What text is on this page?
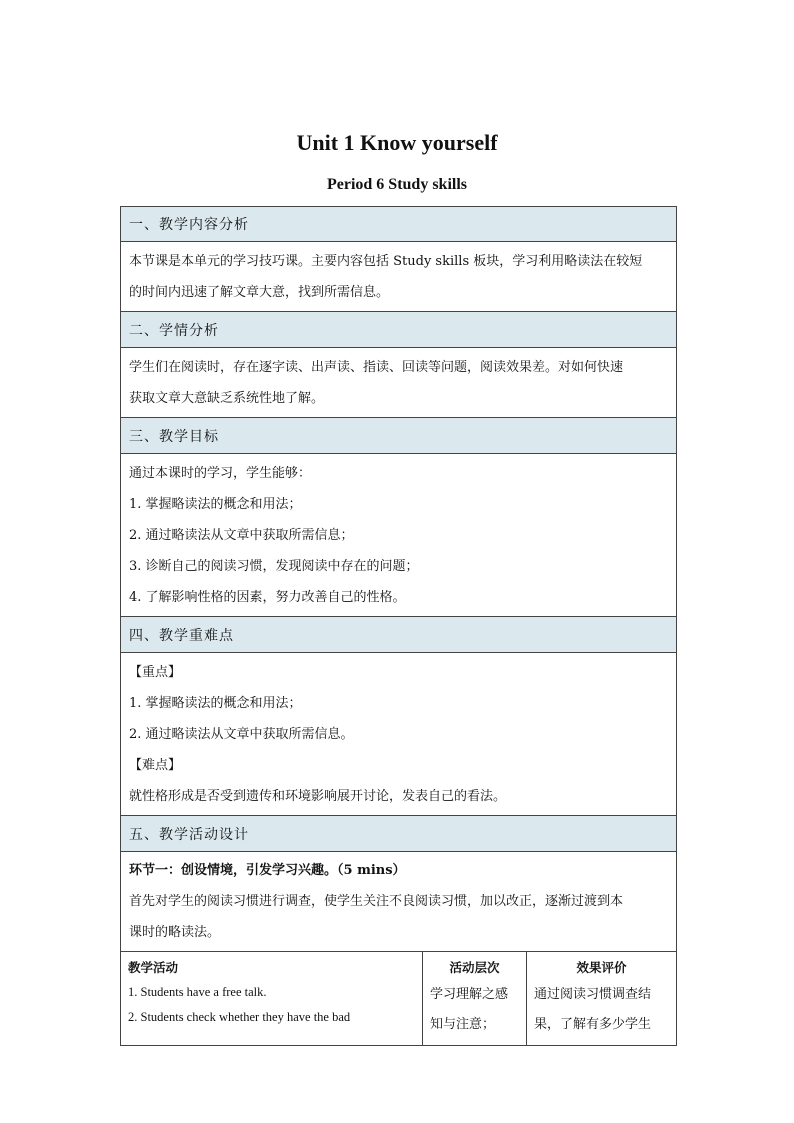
Unit 1 Know yourself
Period 6 Study skills
一、教学内容分析
本节课是本单元的学习技巧课。主要内容包括 Study skills 板块，学习利用略读法在较短
的时间内迅速了解文章大意，找到所需信息。
二、学情分析
学生们在阅读时，存在逐字读、出声读、指读、回读等问题，阅读效果差。对如何快速
获取文章大意缺乏系统性地了解。
三、教学目标
通过本课时的学习，学生能够：
1. 掌握略读法的概念和用法；
2. 通过略读法从文章中获取所需信息；
3. 诊断自己的阅读习惯，发现阅读中存在的问题；
4. 了解影响性格的因素，努力改善自己的性格。
四、教学重难点
【重点】
1. 掌握略读法的概念和用法；
2. 通过略读法从文章中获取所需信息。
【难点】
就性格形成是否受到遗传和环境影响展开讨论，发表自己的看法。
五、教学活动设计
环节一：创设情境，引发学习兴趣。（5 mins）
首先对学生的阅读习惯进行调查，使学生关注不良阅读习惯，加以改正，逐渐过渡到本
课时的略读法。
教学活动
1. Students have a free talk.
2. Students check whether they have the bad
活动层次
学习理解之感
知与注意；
效果评价
通过阅读习惯调查结
果，了解有多少学生
